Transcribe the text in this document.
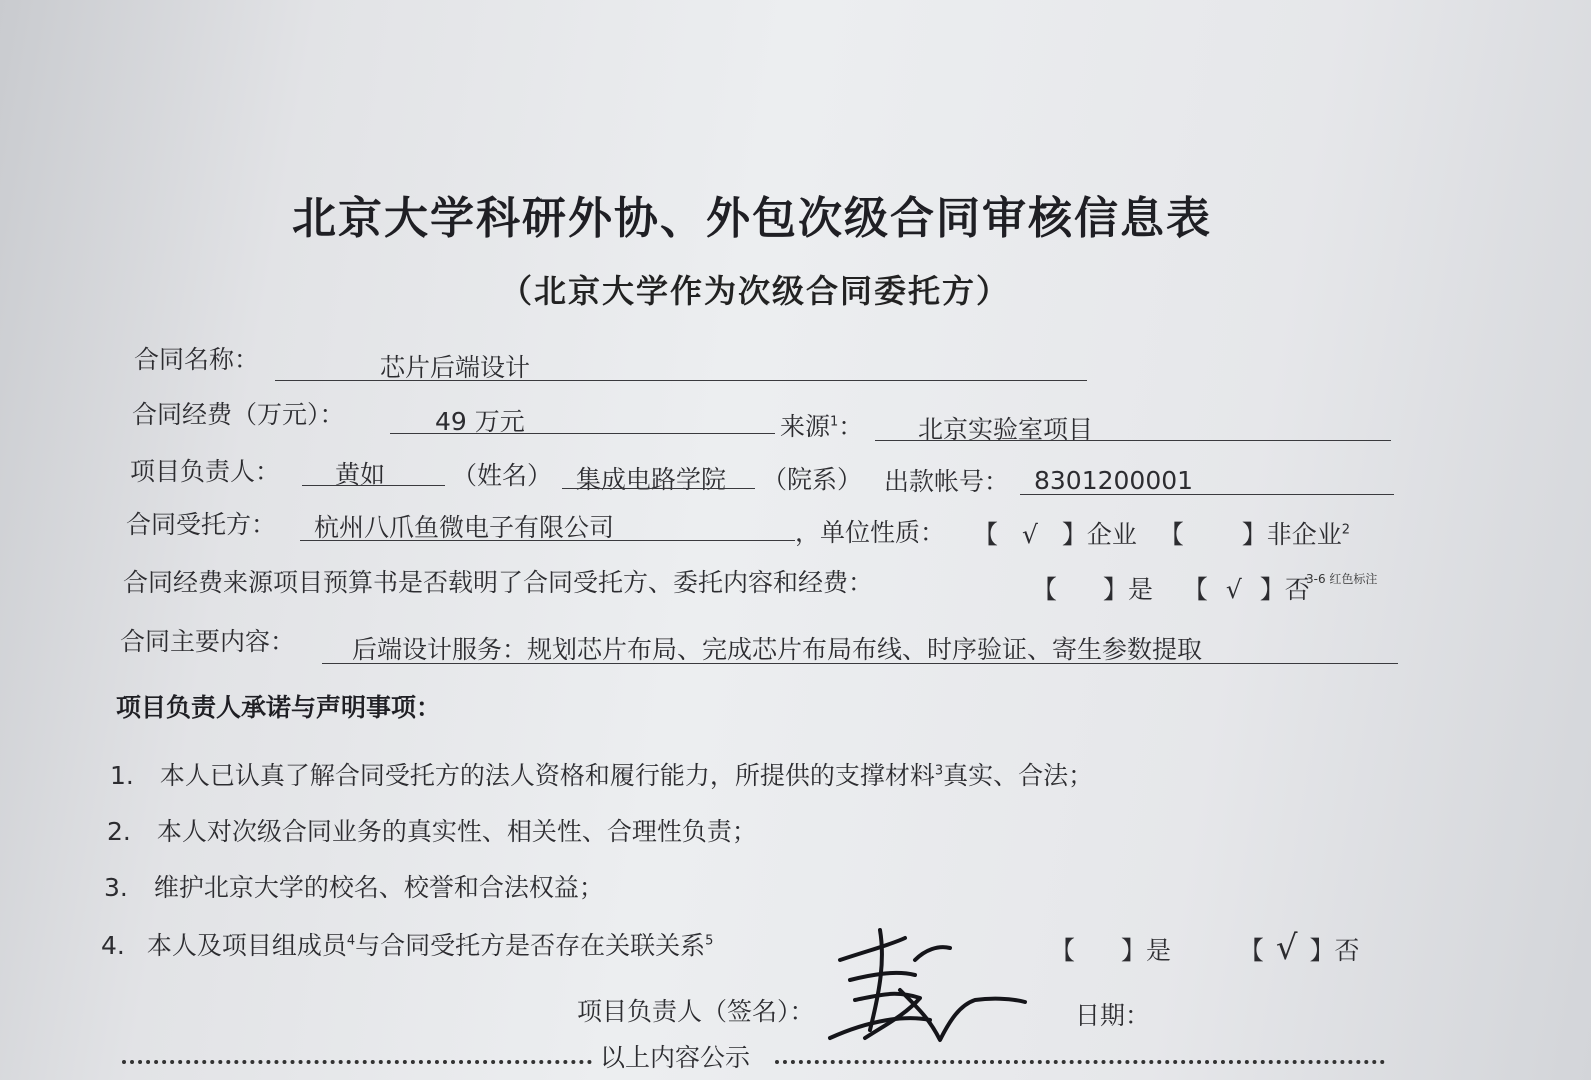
北京大学科研外协、外包次级合同审核信息表
（北京大学作为次级合同委托方）
合同名称：	芯片后端设计
合同经费（万元）：	49 万元	来源$^1$： 北京实验室项目
项目负责人： 黄如	（姓名） 集成电路学院 （院系） 出款帐号： 8301200001
合同受托方： 杭州八爪鱼微电子有限公司	，单位性质： 【 √ 】企业 【 】非企业$^2$
合同经费来源项目预算书是否载明了合同受托方、委托内容和经费：	【 】是 【 √ 】否
3-6 红色标注
合同主要内容： 后端设计服务：规划芯片布局、完成芯片布局布线、时序验证、寄生参数提取
项目负责人承诺与声明事项：
1. 本人已认真了解合同受托方的法人资格和履行能力，所提供的支撑材料$^3$真实、合法；
2. 本人对次级合同业务的真实性、相关性、合理性负责；
3. 维护北京大学的校名、校誉和合法权益；
4. 本人及项目组成员$^4$与合同受托方是否存在关联关系$^5$	【 】是	【 √ 】否
项目负责人（签名）：	日期：
以上内容公示
